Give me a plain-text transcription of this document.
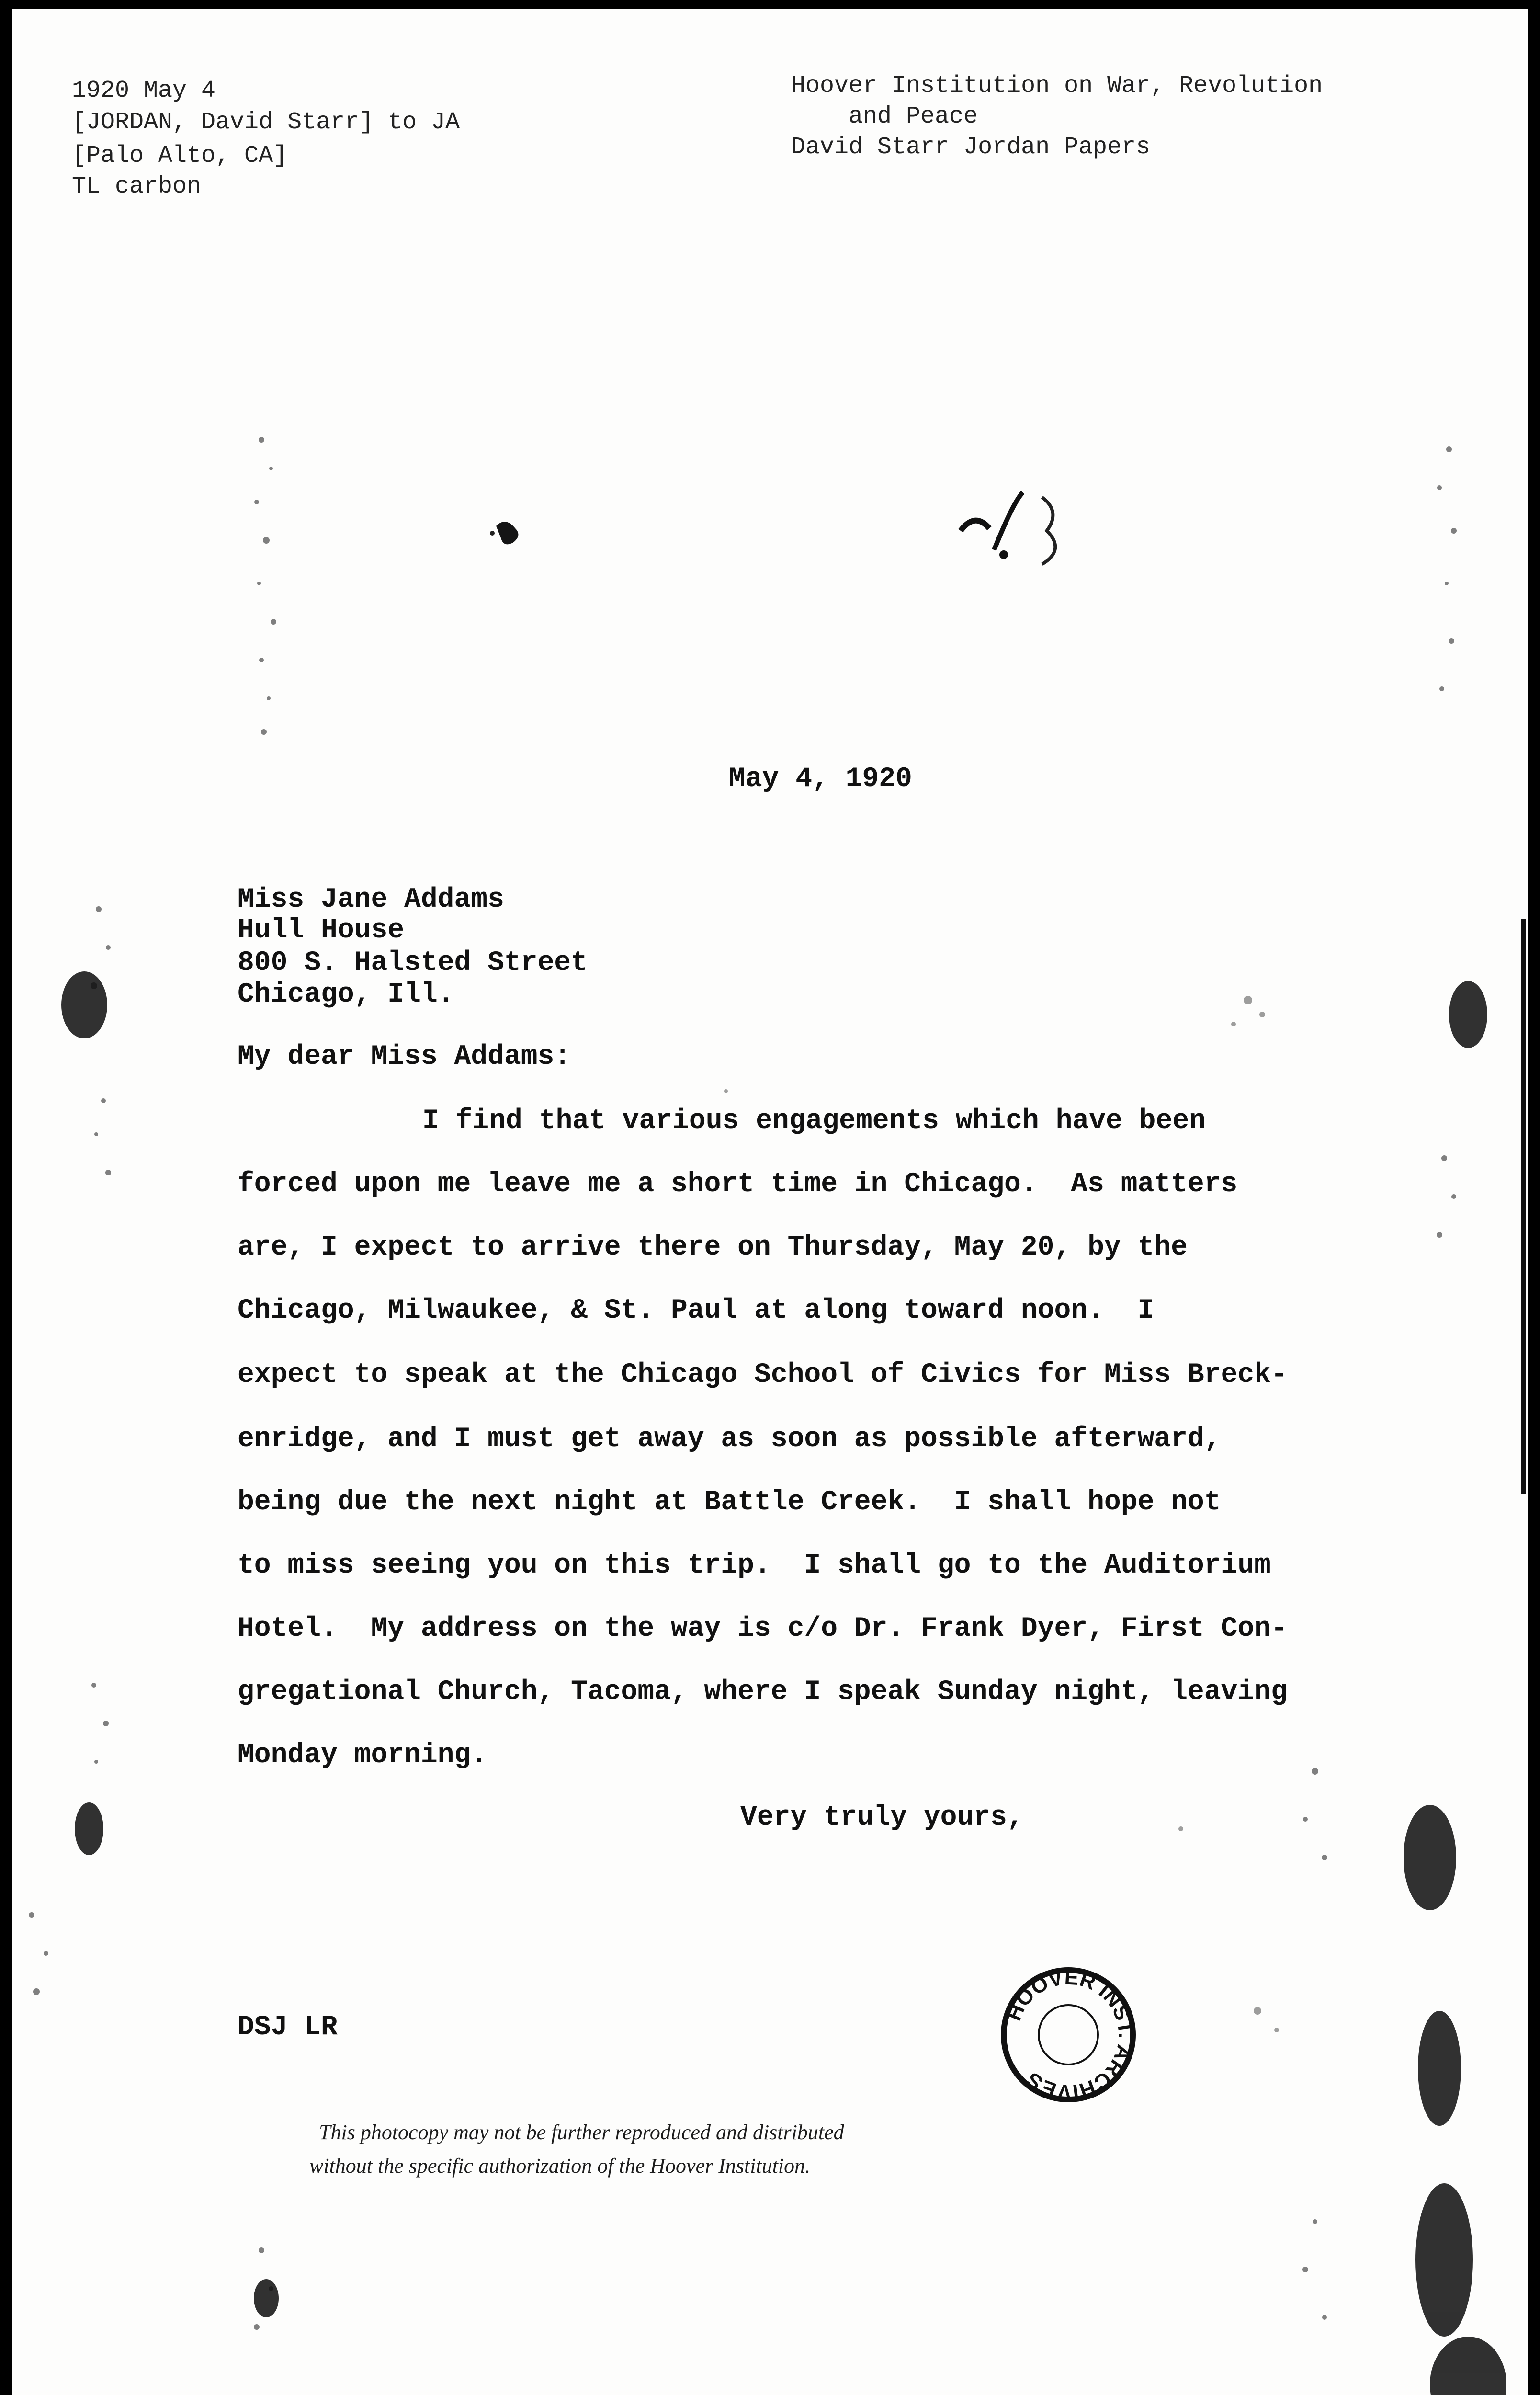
1920 May 4
[JORDAN, David Starr] to JA
[Palo Alto, CA]
TL carbon
Hoover Institution on War, Revolution
and Peace
David Starr Jordan Papers
May 4, 1920
Miss Jane Addams
Hull House
800 S. Halsted Street
Chicago, Ill.
My dear Miss Addams:
I find that various engagements which have been
forced upon me leave me a short time in Chicago.  As matters
are, I expect to arrive there on Thursday, May 20, by the
Chicago, Milwaukee, & St. Paul at along toward noon.  I
expect to speak at the Chicago School of Civics for Miss Breck-
enridge, and I must get away as soon as possible afterward,
being due the next night at Battle Creek.  I shall hope not
to miss seeing you on this trip.  I shall go to the Auditorium
Hotel.  My address on the way is c/o Dr. Frank Dyer, First Con-
gregational Church, Tacoma, where I speak Sunday night, leaving
Monday morning.
Very truly yours,
DSJ LR	HOOVER INST. ARCHIVES
This photocopy may not be further reproduced and distributed
without the specific authorization of the Hoover Institution.
